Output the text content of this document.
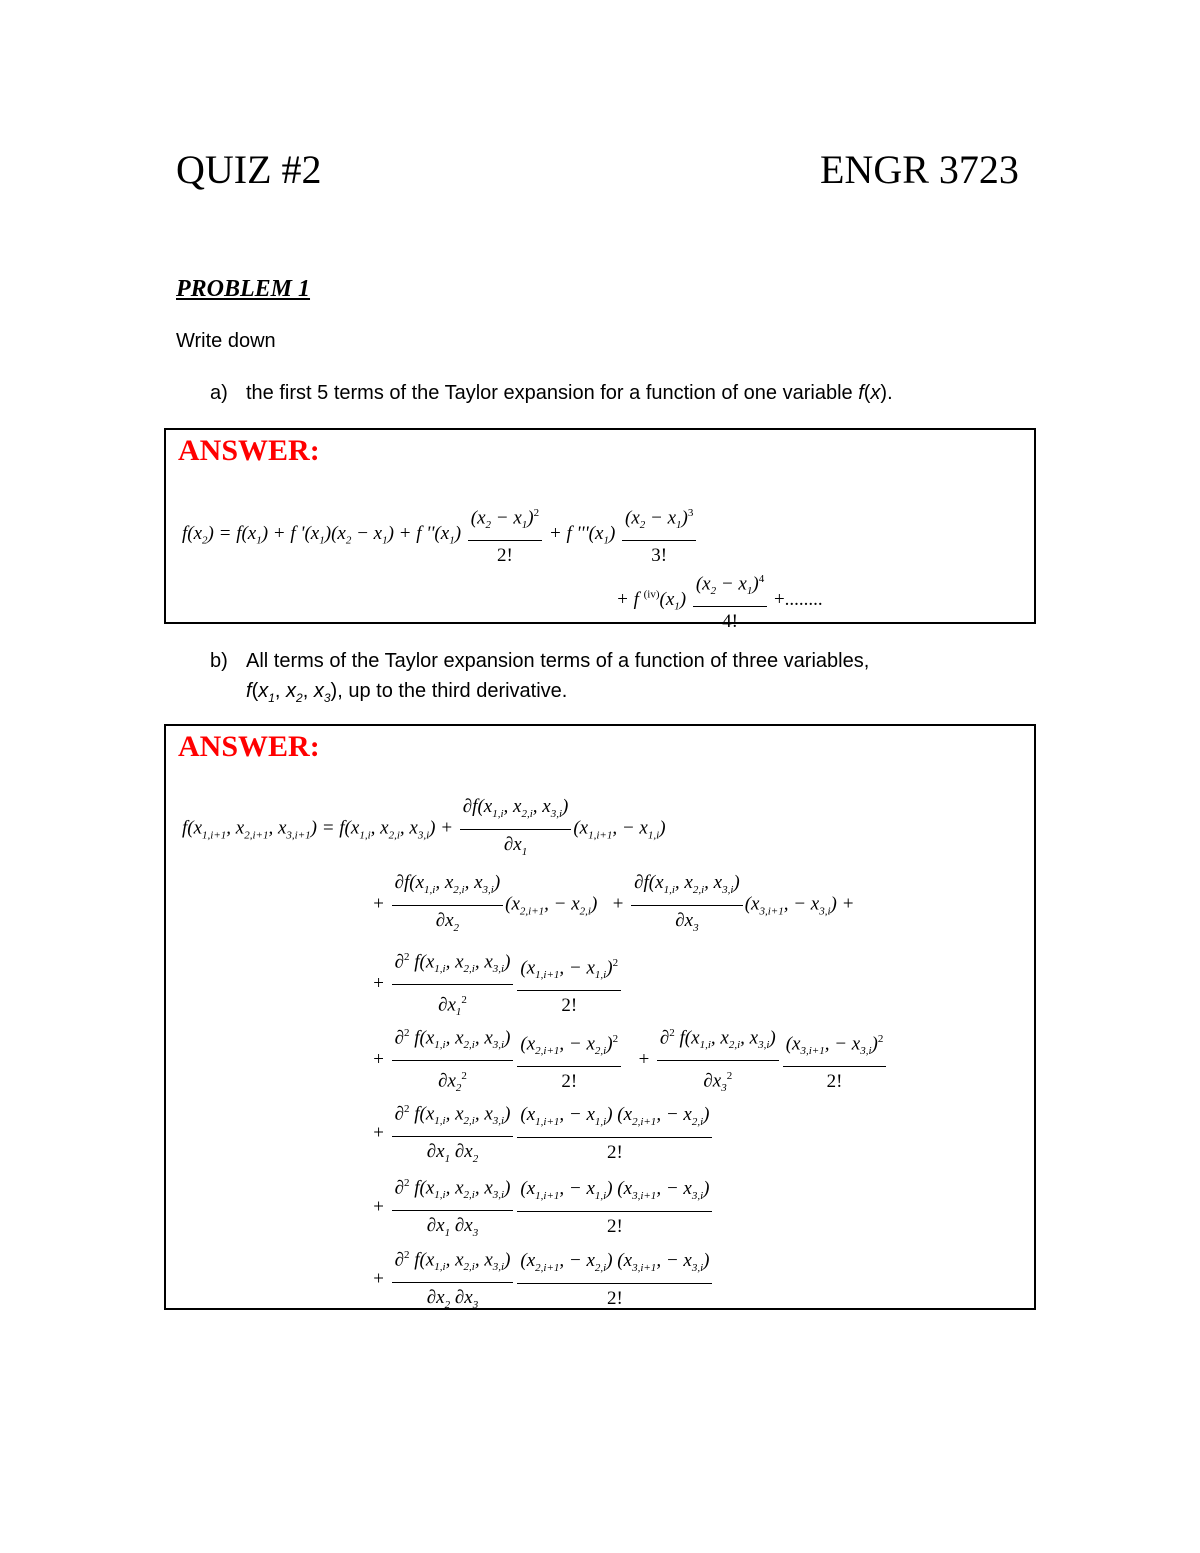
QUIZ #2	ENGR 3723
PROBLEM 1
Write down
a) the first 5 terms of the Taylor expansion for a function of one variable f(x).
ANSWER:
$f(x_2) = f(x_1) + f$ '$(x_1)(x_2 - x_1) + f$ ''$(x_1) \frac{(x_2 - x_1)^2}{2!} + f$ '''$(x_1) \frac{(x_2 - x_1)^3}{3!}$
+ f $^{(iv)}(x_1) \frac{(x_2 - x_1)^4}{4!}$ +........
b) All terms of the Taylor expansion terms of a function of three variables,
$f(x_1$, $x_2$, $x_3$), up to the third derivative.
ANSWER:
$f(x_{1,i+1}$, $x_{2,i+1}$, $x_{3,i+1}) = f(x_{1,i}$, $x_{2,i}$, $x_{3,i}) + \frac{\partial f(x_{1,i}, x_{2,i}, x_{3,i})}{\partial x_1} (x_{1,i+1}$, − $x_{1,i}$)
+ $\frac{\partial f(x_{1,i}, x_{2,i}, x_{3,i})}{\partial x_2} (x_{2,i+1}$, − $x_{2,i}) + \frac{\partial f(x_{1,i}, x_{2,i}, x_{3,i})}{\partial x_3} (x_{3,i+1}$, − $x_{3,i}$) +
+ $\frac{\partial^2 f(x_{1,i}, x_{2,i}, x_{3,i})}{\partial x_1^2} \frac{(x_{1,i+1}, - x_{1,i})^2}{2!}$
+ $\frac{\partial^2 f(x_{1,i}, x_{2,i}, x_{3,i})}{\partial x_2^2} \frac{(x_{2,i+1}, - x_{2,i})^2}{2!} + \frac{\partial^2 f(x_{1,i}, x_{2,i}, x_{3,i})}{\partial x_3^2} \frac{(x_{3,i+1}, - x_{3,i})^2}{2!}$
+ $\frac{\partial^2 f(x_{1,i}, x_{2,i}, x_{3,i})}{\partial x_1 \partial x_2} \frac{(x_{1,i+1}, - x_{1,i}) (x_{2,i+1}, - x_{2,i})}{2!}$
+ $\frac{\partial^2 f(x_{1,i}, x_{2,i}, x_{3,i})}{\partial x_1 \partial x_3} \frac{(x_{1,i+1}, - x_{1,i}) (x_{3,i+1}, - x_{3,i})}{2!}$
+ $\frac{\partial^2 f(x_{1,i}, x_{2,i}, x_{3,i})}{\partial x_2 \partial x_3} \frac{(x_{2,i+1}, - x_{2,i}) (x_{3,i+1}, - x_{3,i})}{2!}$
